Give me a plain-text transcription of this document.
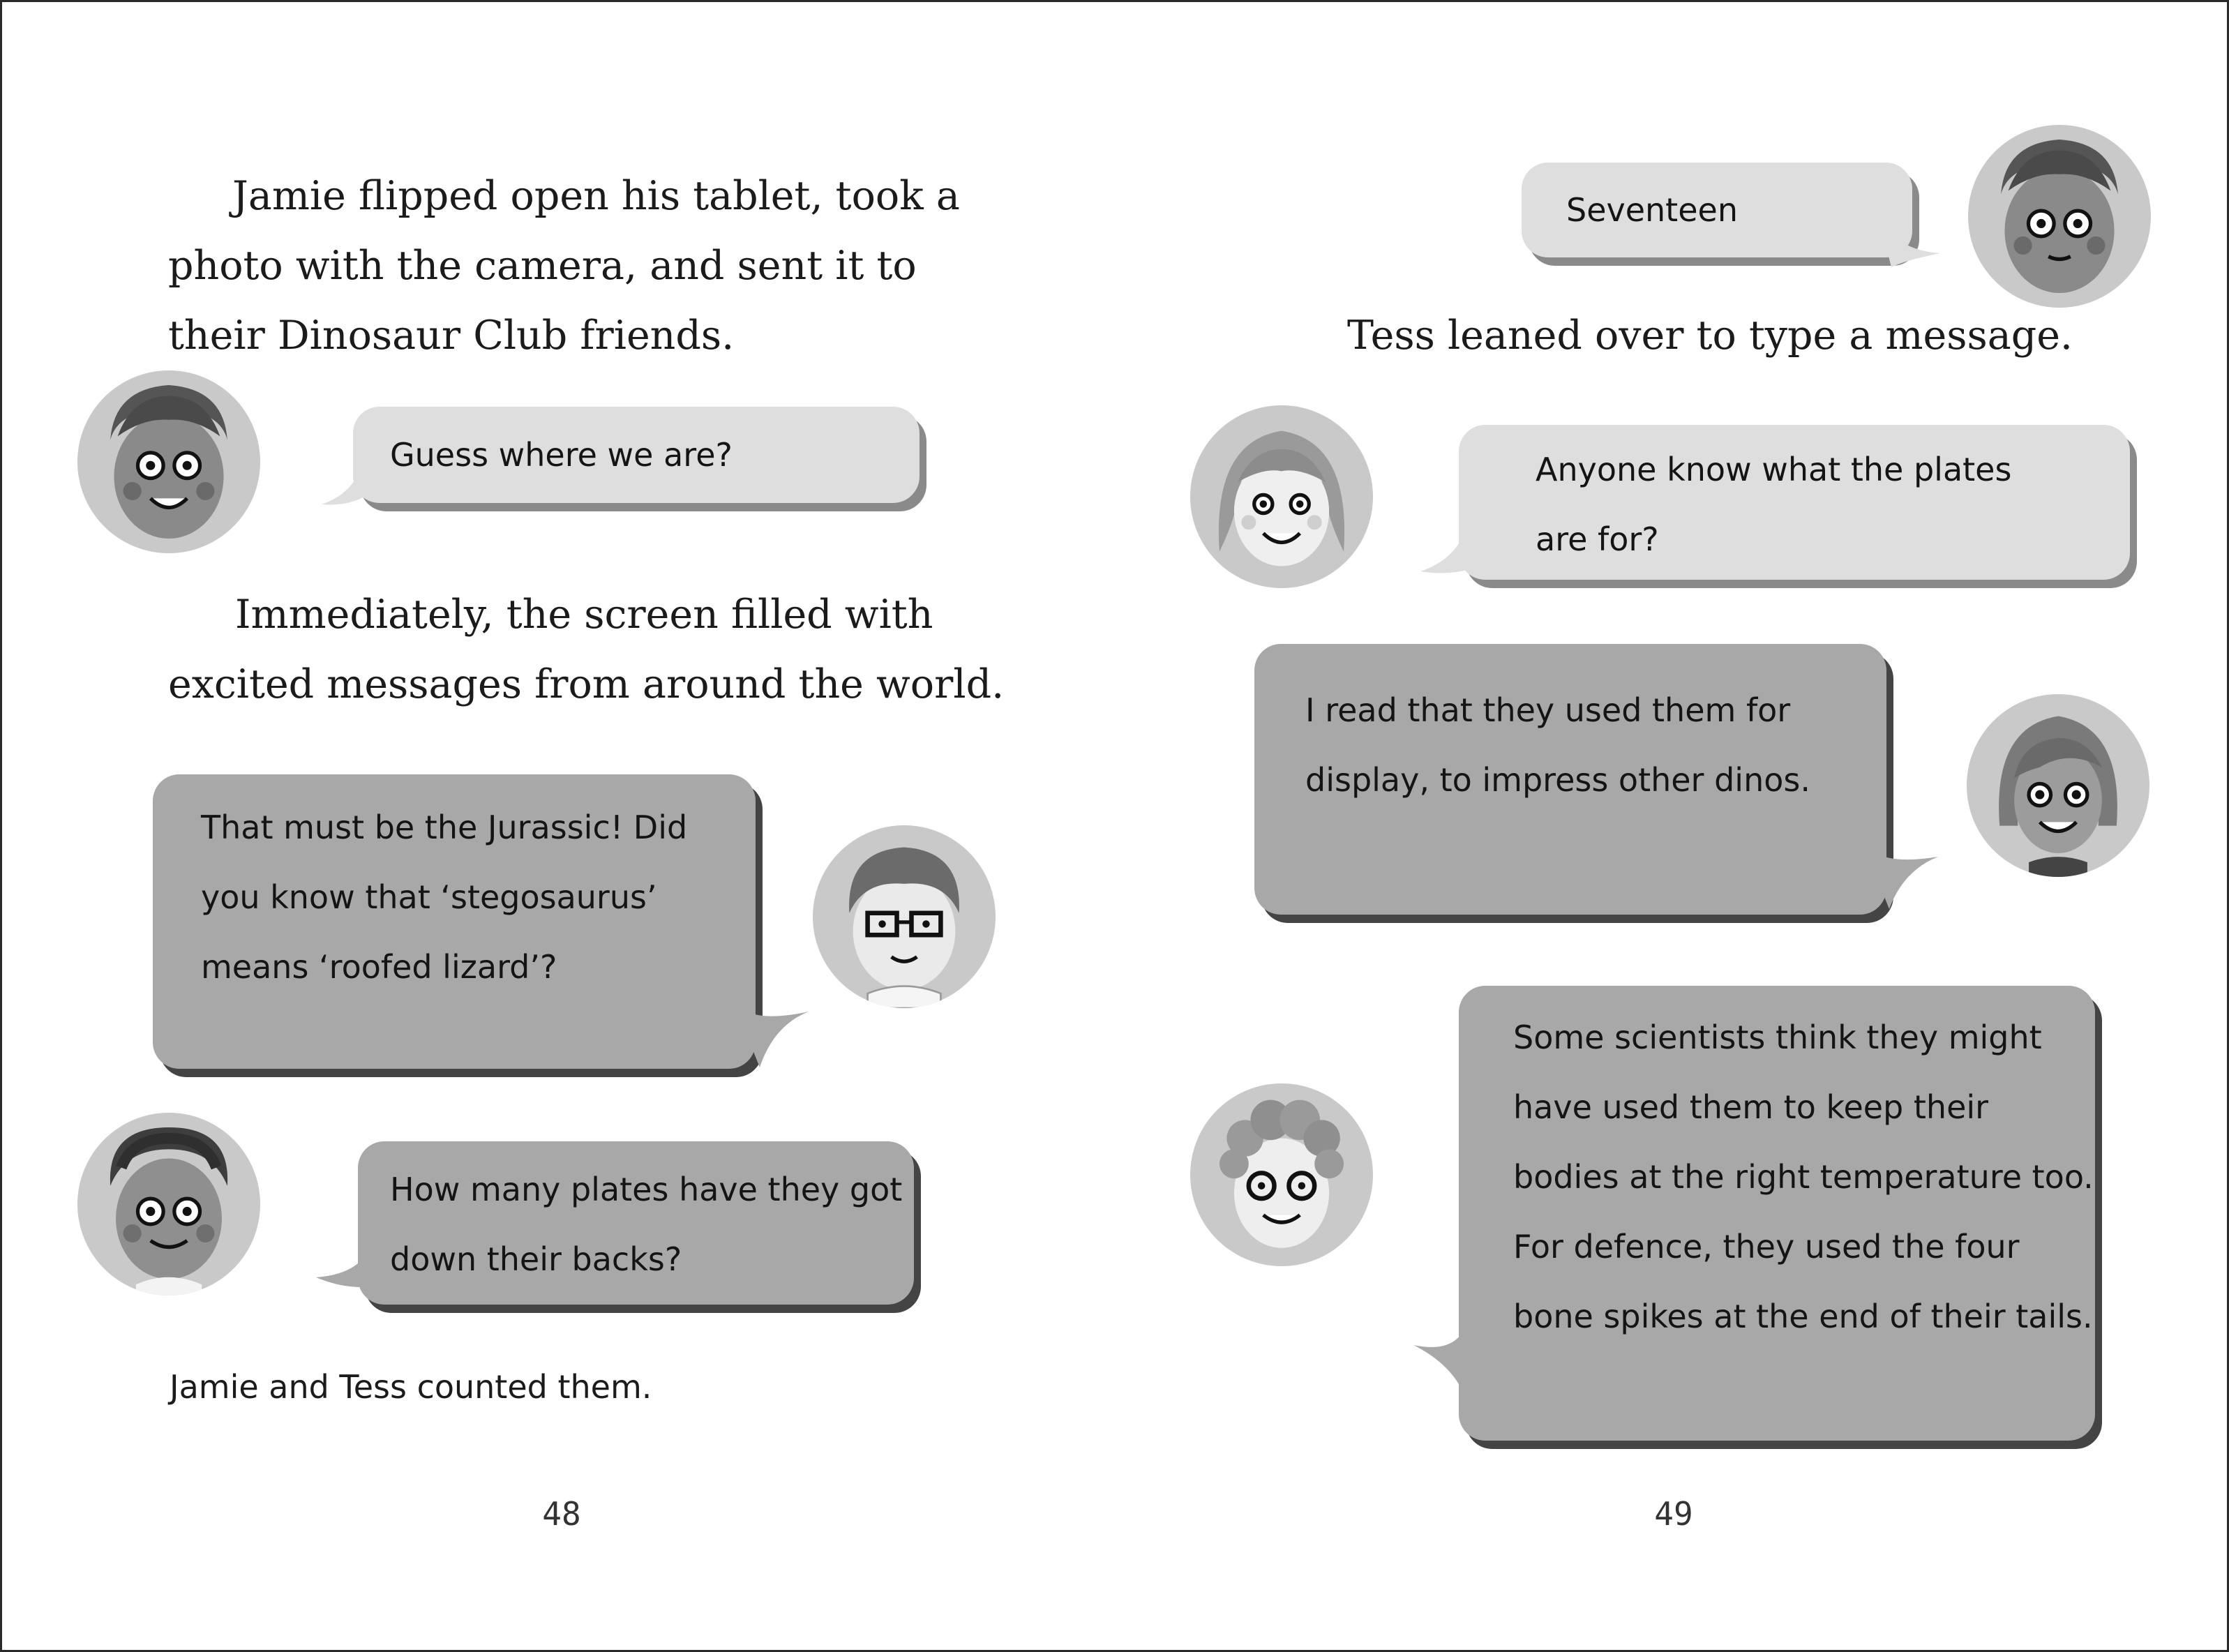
Jamie flipped open his tablet, took a
photo with the camera, and sent it to
their Dinosaur Club friends.
Guess where we are?
Immediately, the screen filled with
excited messages from around the world.
That must be the Jurassic! Did
you know that ‘stegosaurus’
means ‘roofed lizard’?
How many plates have they got
down their backs?

Jamie and Tess counted them.

48
Seventeen
Tess leaned over to type a message.
Anyone know what the plates
are for?
I read that they used them for
display, to impress other dinos.
Some scientists think they might
have used them to keep their
bodies at the right temperature too.
For defence, they used the four
bone spikes at the end of their tails.
49
